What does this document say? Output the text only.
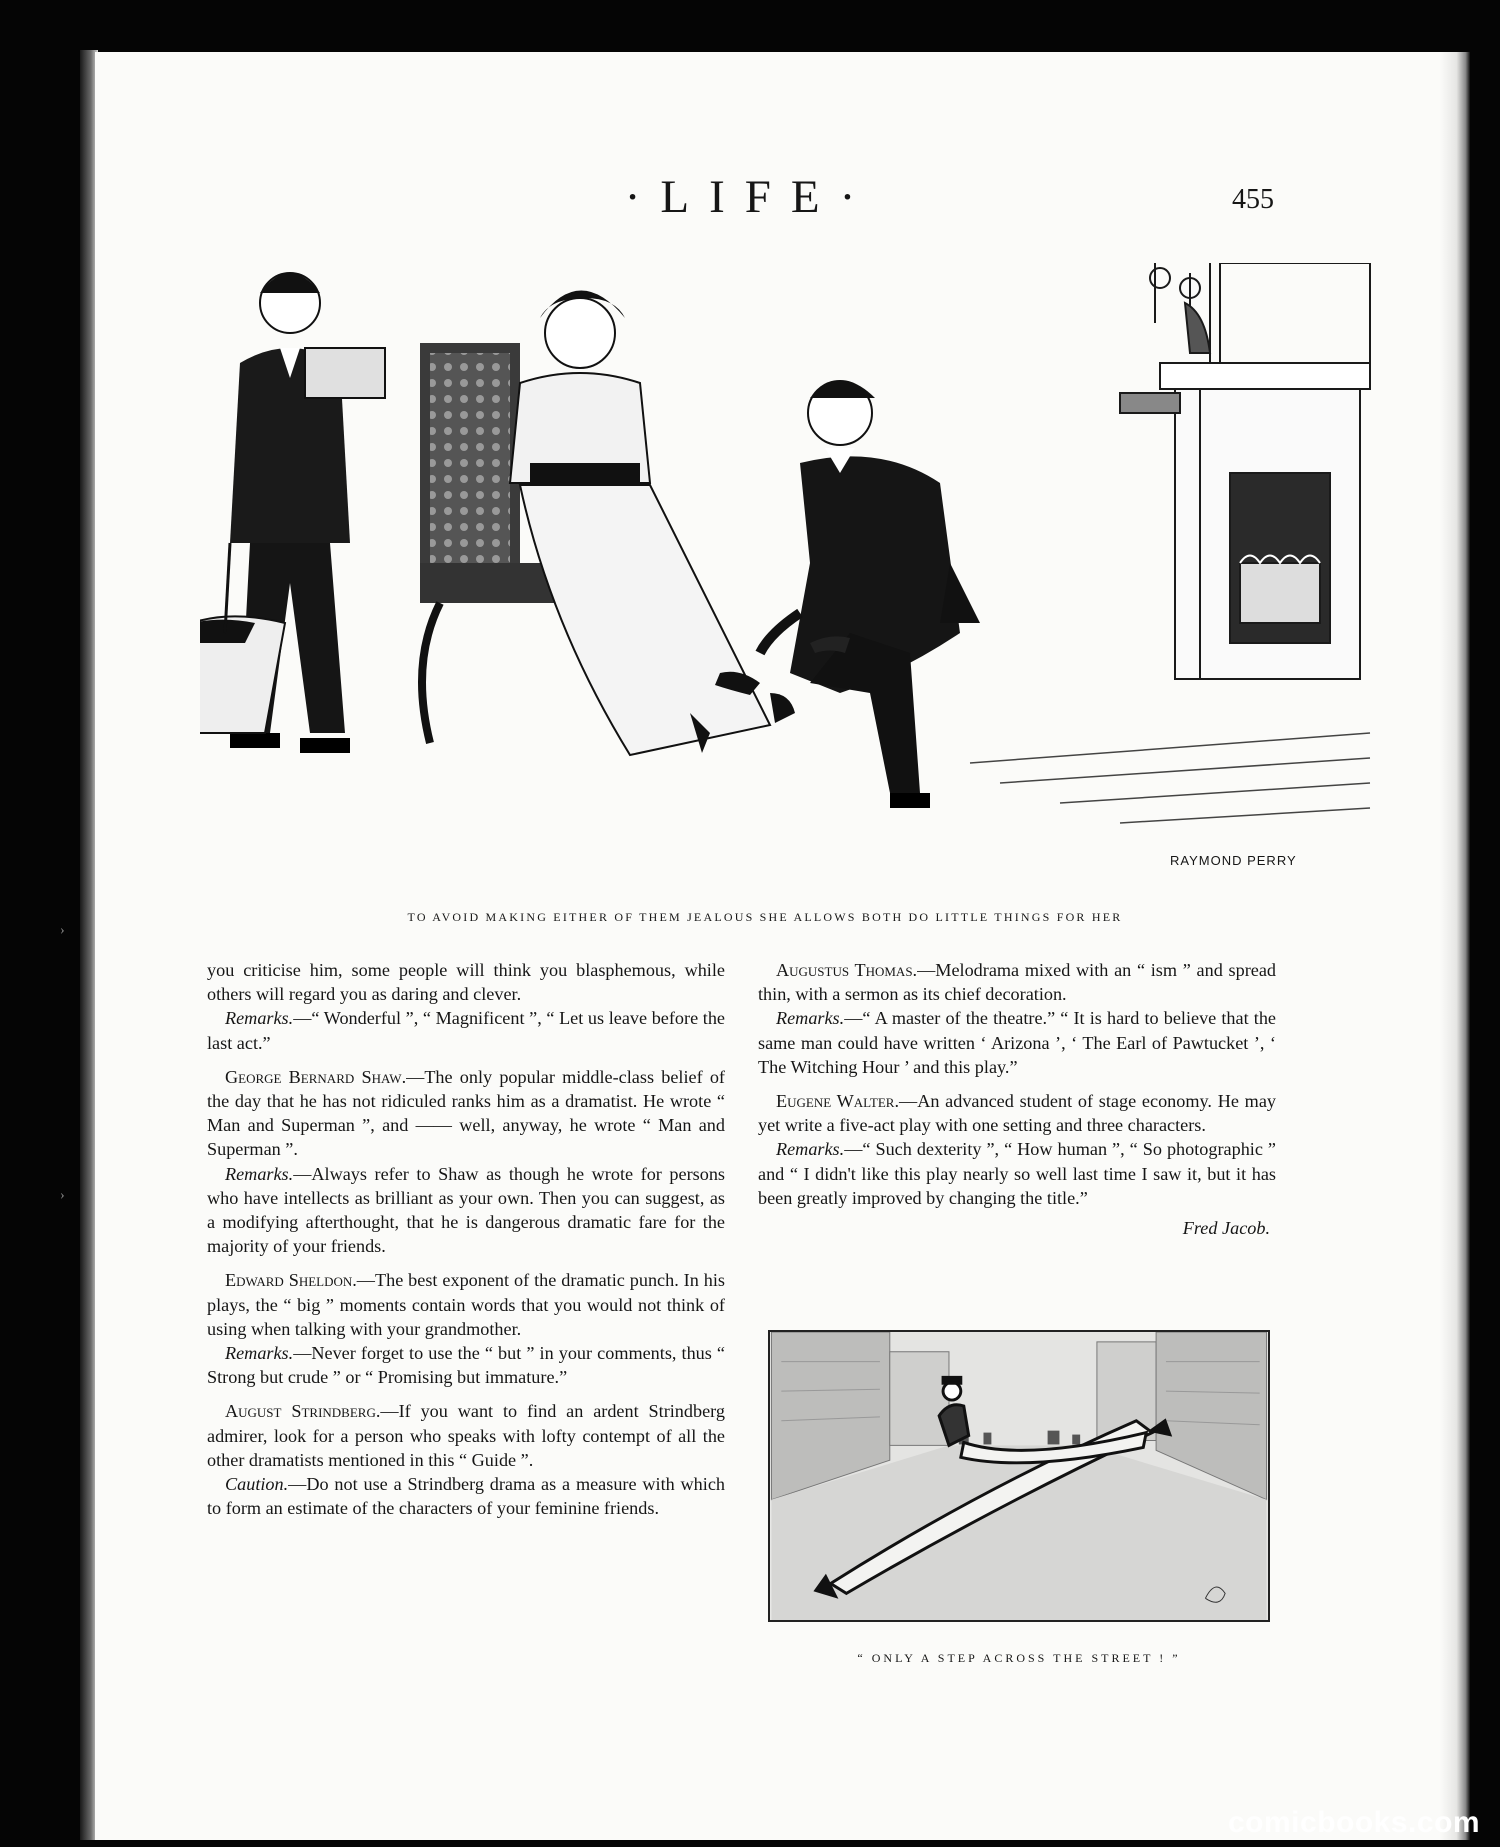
›
›
·LIFE·	455
RAYMOND PERRY
TO AVOID MAKING EITHER OF THEM JEALOUS SHE ALLOWS BOTH DO LITTLE THINGS FOR HER

you criticise him, some people will think you blasphemous, while others will regard you as daring and clever.

Remarks.—“ Wonderful ”, “ Magnificent ”, “ Let us leave before the last act.”

George Bernard Shaw.—The only popular middle-class belief of the day that he has not ridiculed ranks him as a dramatist. He wrote “ Man and Superman ”, and —— well, anyway, he wrote “ Man and Superman ”.

Remarks.—Always refer to Shaw as though he wrote for persons who have intellects as brilliant as your own. Then you can suggest, as a modifying afterthought, that he is dangerous dramatic fare for the majority of your friends.

Edward Sheldon.—The best exponent of the dramatic punch. In his plays, the “ big ” moments contain words that you would not think of using when talking with your grandmother.

Remarks.—Never forget to use the “ but ” in your comments, thus “ Strong but crude ” or “ Promising but immature.”

August Strindberg.—If you want to find an ardent Strindberg admirer, look for a person who speaks with lofty contempt of all the other dramatists mentioned in this “ Guide ”.

Caution.—Do not use a Strindberg drama as a measure with which to form an estimate of the characters of your feminine friends.

Augustus Thomas.—Melodrama mixed with an “ ism ” and spread thin, with a sermon as its chief decoration.

Remarks.—“ A master of the theatre.” “ It is hard to believe that the same man could have written ‘ Arizona ’, ‘ The Earl of Pawtucket ’, ‘ The Witching Hour ’ and this play.”

Eugene Walter.—An advanced student of stage economy. He may yet write a five-act play with one setting and three characters.

Remarks.—“ Such dexterity ”, “ How human ”, “ So photographic ” and “ I didn't like this play nearly so well last time I saw it, but it has been greatly improved by changing the title.”

Fred Jacob.
“ ONLY A STEP ACROSS THE STREET ! ”
comicbooks.com
